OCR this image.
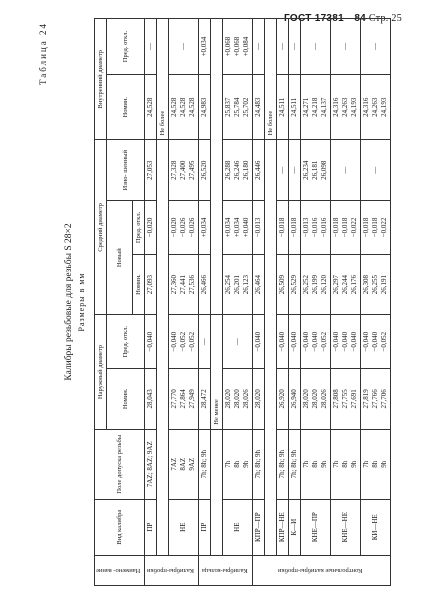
ГОСТ 17381—84 Стр. 25
Таблица 24
Калибры резьбовые для резьбы S 28×2 Размеры в мм
Наимено- вание	Вид калибра	Поле допуска резьбы	Наружный диаметр		Средний диаметр			Внутренний диаметр	
			Номин.	Пред. откл.	Новый		Изно- шенный	Номин.	Пред. откл.
					Номин.	Пред. откл.			
Калибры-пробки	ПР	7AZ; 8AZ; 9AZ	28,043	−0,040	27,093	−0,020	27,053	24,528	—
								Не более	
	НЕ	7AZ
8AZ
9AZ	27,770
27,864
27,949	−0,040
−0,052
−0,052	27,360
27,441
27,536	−0,020
−0,026
−0,026	27,328
27,400
27,495	24,528
24,528
24,528	—
Калибры-кольца	ПР	7h; 8h; 9h	28,472	—	26,466	+0,034	26,520	24,983	+0,034
			Не менее						
	НЕ	7h
8h
9h	28,020
28,020
28,026	—	26,254
26,201
26,123	+0,034
+0,034
+0,040	26,288
26,246
26,180	25,837
25,784
25,702	+0,068
+0,068
+0,084
Контрольные калибры-пробки	КПР—ПР	7h; 8h; 9h	28,020	−0,040	26,464	−0,013	26,446	24,483	—
								Не более	
	КПР—НЕ	7h; 8h; 9h	26,920	−0,040	26,509	−0,018	—	24,511	—
	К—И	7h; 8h; 9h	26,940	−0,040	26,529	−0,018	—	24,511	—
	КНЕ—ПР	7h
8h
9h	28,020
28,020
28,026	−0,040
−0,040
−0,052	26,252
26,199
26,120	−0,013
−0,016
−0,016	26,234
26,181
26,098	24,271
24,218
24,137	—
	КНЕ—НЕ	7h
8h
9h	27,808
27,755
27,691	−0,040
−0,040
−0,040	26,297
26,244
26,176	−0,018
−0,018
−0,022	—	24,316
24,263
24,193	—
	КИ—НЕ	7h
8h
9h	27,819
27,766
27,706	−0,040
−0,040
−0,052	26,308
26,255
26,191	−0,018
−0,018
−0,022	—	24,316
24,263
24,193	—
